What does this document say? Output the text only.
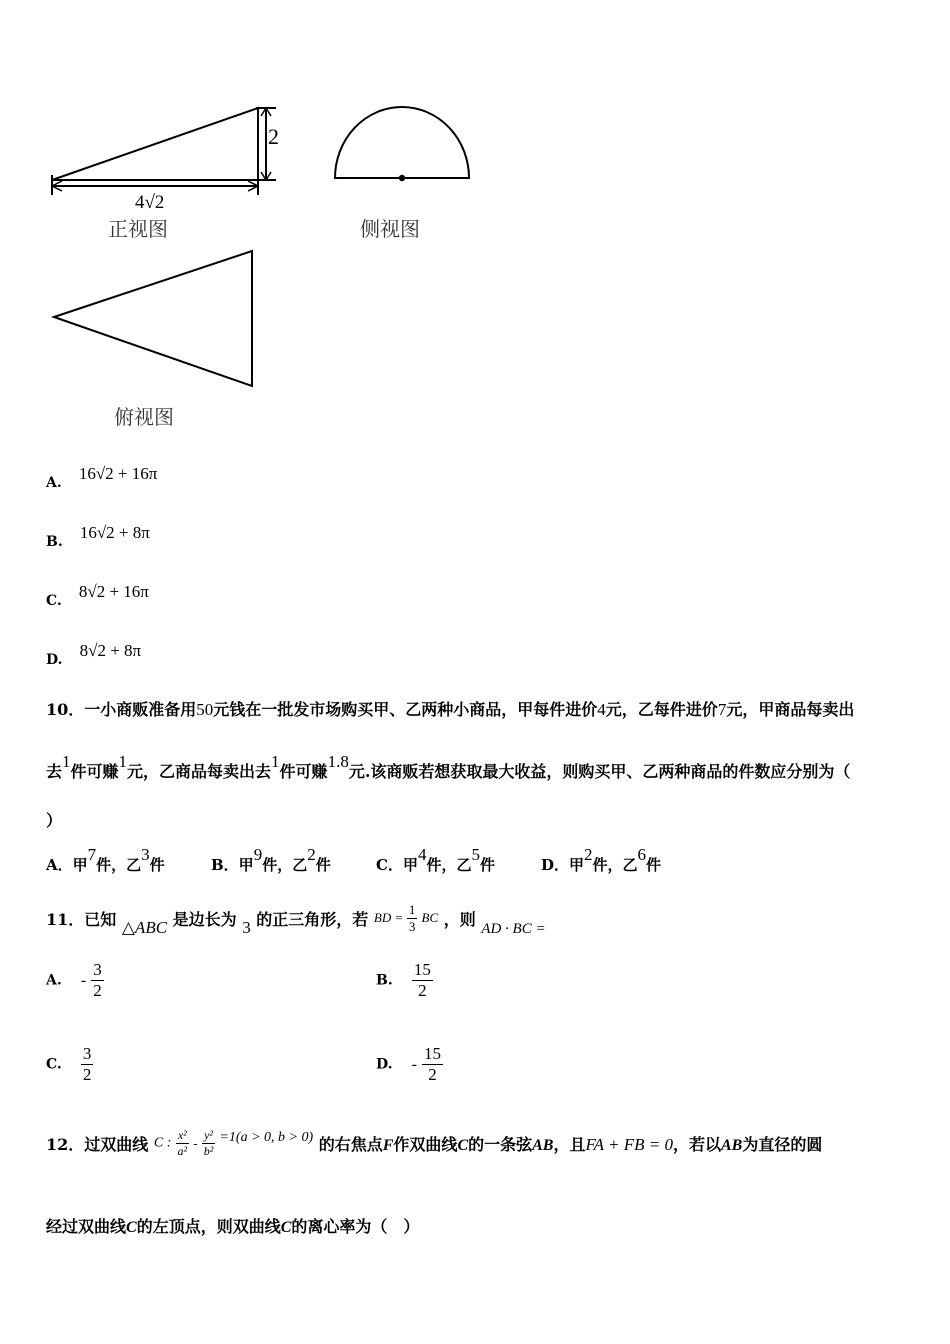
2
4√2
正视图	侧视图
俯视图
A. 16√2 + 16π
B. 16√2 + 8π
C. 8√2 + 16π
D. 8√2 + 8π
10．一小商贩准备用50元钱在一批发市场购买甲、乙两种小商品，甲每件进价4元，乙每件进价7元，甲商品每卖出
去1件可赚1元，乙商品每卖出去1件可赚1.8元.该商贩若想获取最大收益，则购买甲、乙两种商品的件数应分别为（
）
A．甲7件，乙3件	B．甲9件，乙2件	C．甲4件，乙5件	D．甲2件，乙6件
11．已知 △ABC 是边长为 3 的正三角形，若 BD = $\frac{1}{3}$ BC ，则 AD · BC =
A. - $\frac{3}{2}$	B. $\frac{15}{2}$
C. $\frac{3}{2}$	D. - $\frac{15}{2}$
12．过双曲线 C : $\frac{\text{x²}}{\text{a²}} - \frac{\text{y²}}{\text{b²}} =1(a > 0$, b > 0) 的右焦点F作双曲线C的一条弦AB，且FA + FB = 0，若以AB为直径的圆
经过双曲线C的左顶点，则双曲线C的离心率为（　）
